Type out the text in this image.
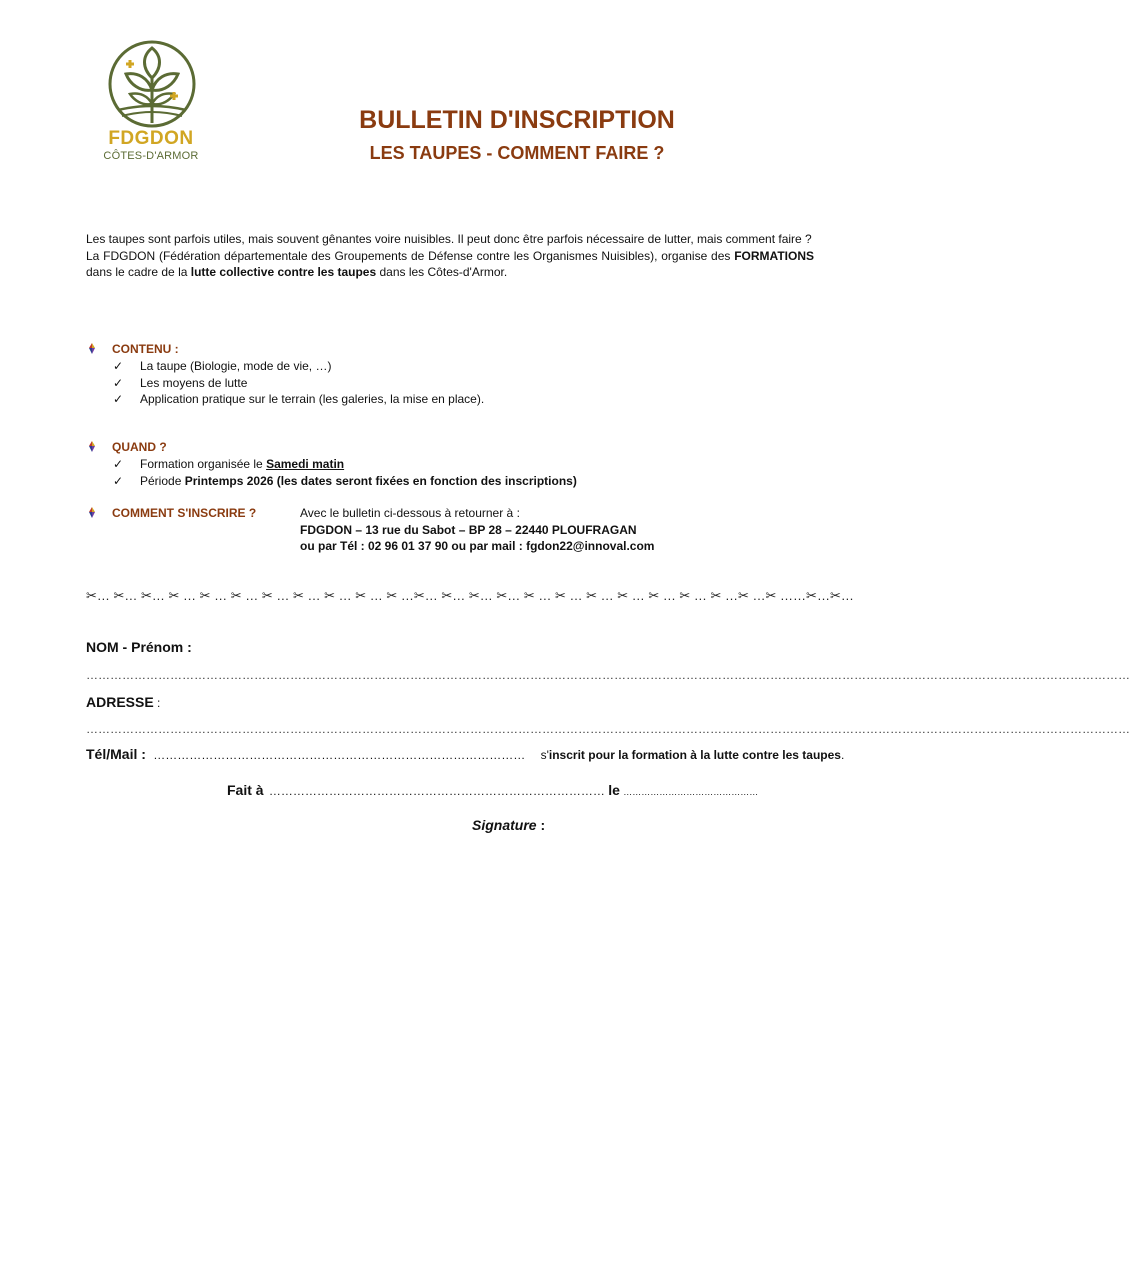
FDGDON
CÔTES-D'ARMOR
BULLETIN D'INSCRIPTION
LES TAUPES - COMMENT FAIRE ?

Les taupes sont parfois utiles, mais souvent gênantes voire nuisibles. Il peut donc être parfois nécessaire de lutter, mais comment faire ?

La FDGDON (Fédération départementale des Groupements de Défense contre les Organismes Nuisibles), organise des FORMATIONS dans le cadre de la lutte collective contre les taupes dans les Côtes-d'Armor.

CONTENU :
✓ La taupe (Biologie, mode de vie, …)
✓ Les moyens de lutte
✓ Application pratique sur le terrain (les galeries, la mise en place).
QUAND ?
✓ Formation organisée le Samedi matin
✓ Période Printemps 2026 (les dates seront fixées en fonction des inscriptions)
COMMENT S'INSCRIRE ?	Avec le bulletin ci-dessous à retourner à :
FDGDON – 13 rue du Sabot – BP 28 – 22440 PLOUFRAGAN
ou par Tél : 02 96 01 37 90 ou par mail : fgdon22@innoval.com
✂… ✂… ✂… ✂ … ✂ … ✂ … ✂ … ✂ … ✂ … ✂ … ✂ …✂… ✂… ✂… ✂… ✂ … ✂ … ✂ … ✂ … ✂ … ✂ … ✂ …✂ …✂ ……✂…✂…
NOM - Prénom :
………………………………………………………………………………………………………………………………………………………………………………………………………………………………………
ADRESSE :
………………………………………………………………………………………………………………………………………………………………………………………………………………………………………
Tél/Mail : ………………………………………………………………………………… s'inscrit pour la formation à la lutte contre les taupes.
Fait à ………………………………………………………………………… le ………………………………………
Signature :
